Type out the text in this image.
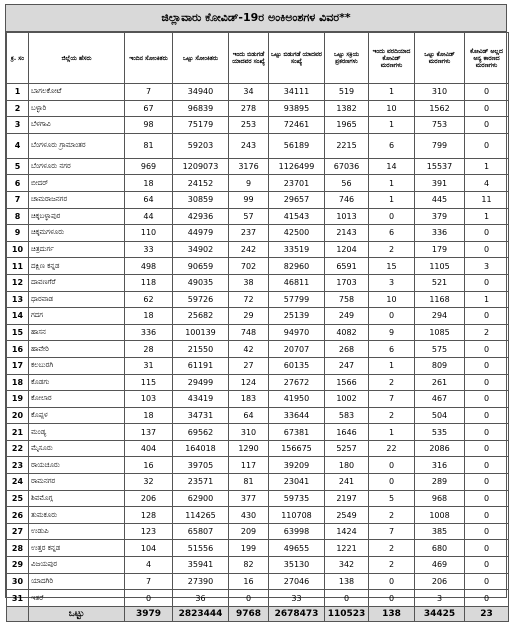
ಜಿಲ್ಲಾವಾರು ಕೋವಿಡ್-19ರ ಅಂಕಿಅಂಶಗಳ ವಿವರ**
ಕ್ರ. ಸಂ	ಜಿಲ್ಲೆಯ ಹೆಸರು	ಇಂದಿನ ಸೋಂಕಿತರು	ಒಟ್ಟು ಸೋಂಕಿತರು	ಇಂದು ಬಿಡುಗಡೆ ಯಾದವರ ಸಂಖ್ಯೆ	ಒಟ್ಟು ಬಿಡುಗಡೆ ಯಾದವರ ಸಂಖ್ಯೆ	ಒಟ್ಟು ಸಕ್ರಿಯ ಪ್ರಕರಣಗಳು	ಇಂದು ವರದಿಯಾದ ಕೋವಿಡ್ ಮರಣಗಳು	ಒಟ್ಟು ಕೋವಿಡ್ ಮರಣಗಳು	ಕೋವಿಡ್ ಅಲ್ಲದ ಅನ್ಯ ಕಾರಣದ ಮರಣಗಳು
1	ಬಾಗಲಕೋಟೆ	7	34940	34	34111	519	1	310	0
2	ಬಳ್ಳಾರಿ	67	96839	278	93895	1382	10	1562	0
3	ಬೆಳಗಾವಿ	98	75179	253	72461	1965	1	753	0
4	ಬೆಂಗಳೂರು ಗ್ರಾಮಾಂತರ	81	59203	243	56189	2215	6	799	0
5	ಬೆಂಗಳೂರು ನಗರ	969	1209073	3176	1126499	67036	14	15537	1
6	ಬೀದರ್	18	24152	9	23701	56	1	391	4
7	ಚಾಮರಾಜನಗರ	64	30859	99	29657	746	1	445	11
8	ಚಿಕ್ಕಬಳ್ಳಾಪುರ	44	42936	57	41543	1013	0	379	1
9	ಚಿಕ್ಕಮಗಳೂರು	110	44979	237	42500	2143	6	336	0
10	ಚಿತ್ರದುರ್ಗ	33	34902	242	33519	1204	2	179	0
11	ದಕ್ಷಿಣ ಕನ್ನಡ	498	90659	702	82960	6591	15	1105	3
12	ದಾವಣಗೆರೆ	118	49035	38	46811	1703	3	521	0
13	ಧಾರವಾಡ	62	59726	72	57799	758	10	1168	1
14	ಗದಗ	18	25682	29	25139	249	0	294	0
15	ಹಾಸನ	336	100139	748	94970	4082	9	1085	2
16	ಹಾವೇರಿ	28	21550	42	20707	268	6	575	0
17	ಕಲಬುರಗಿ	31	61191	27	60135	247	1	809	0
18	ಕೊಡಗು	115	29499	124	27672	1566	2	261	0
19	ಕೋಲಾರ	103	43419	183	41950	1002	7	467	0
20	ಕೊಪ್ಪಳ	18	34731	64	33644	583	2	504	0
21	ಮಂಡ್ಯ	137	69562	310	67381	1646	1	535	0
22	ಮೈಸೂರು	404	164018	1290	156675	5257	22	2086	0
23	ರಾಯಚೂರು	16	39705	117	39209	180	0	316	0
24	ರಾಮನಗರ	32	23571	81	23041	241	0	289	0
25	ಶಿವಮೊಗ್ಗ	206	62900	377	59735	2197	5	968	0
26	ತುಮಕೂರು	128	114265	430	110708	2549	2	1008	0
27	ಉಡುಪಿ	123	65807	209	63998	1424	7	385	0
28	ಉತ್ತರ ಕನ್ನಡ	104	51556	199	49655	1221	2	680	0
29	ವಿಜಯಪುರ	4	35941	82	35130	342	2	469	0
30	ಯಾದಗಿರಿ	7	27390	16	27046	138	0	206	0
31	ಇತರೆ	0	36	0	33	0	0	3	0
	ಒಟ್ಟು	3979	2823444	9768	2678473	110523	138	34425	23
